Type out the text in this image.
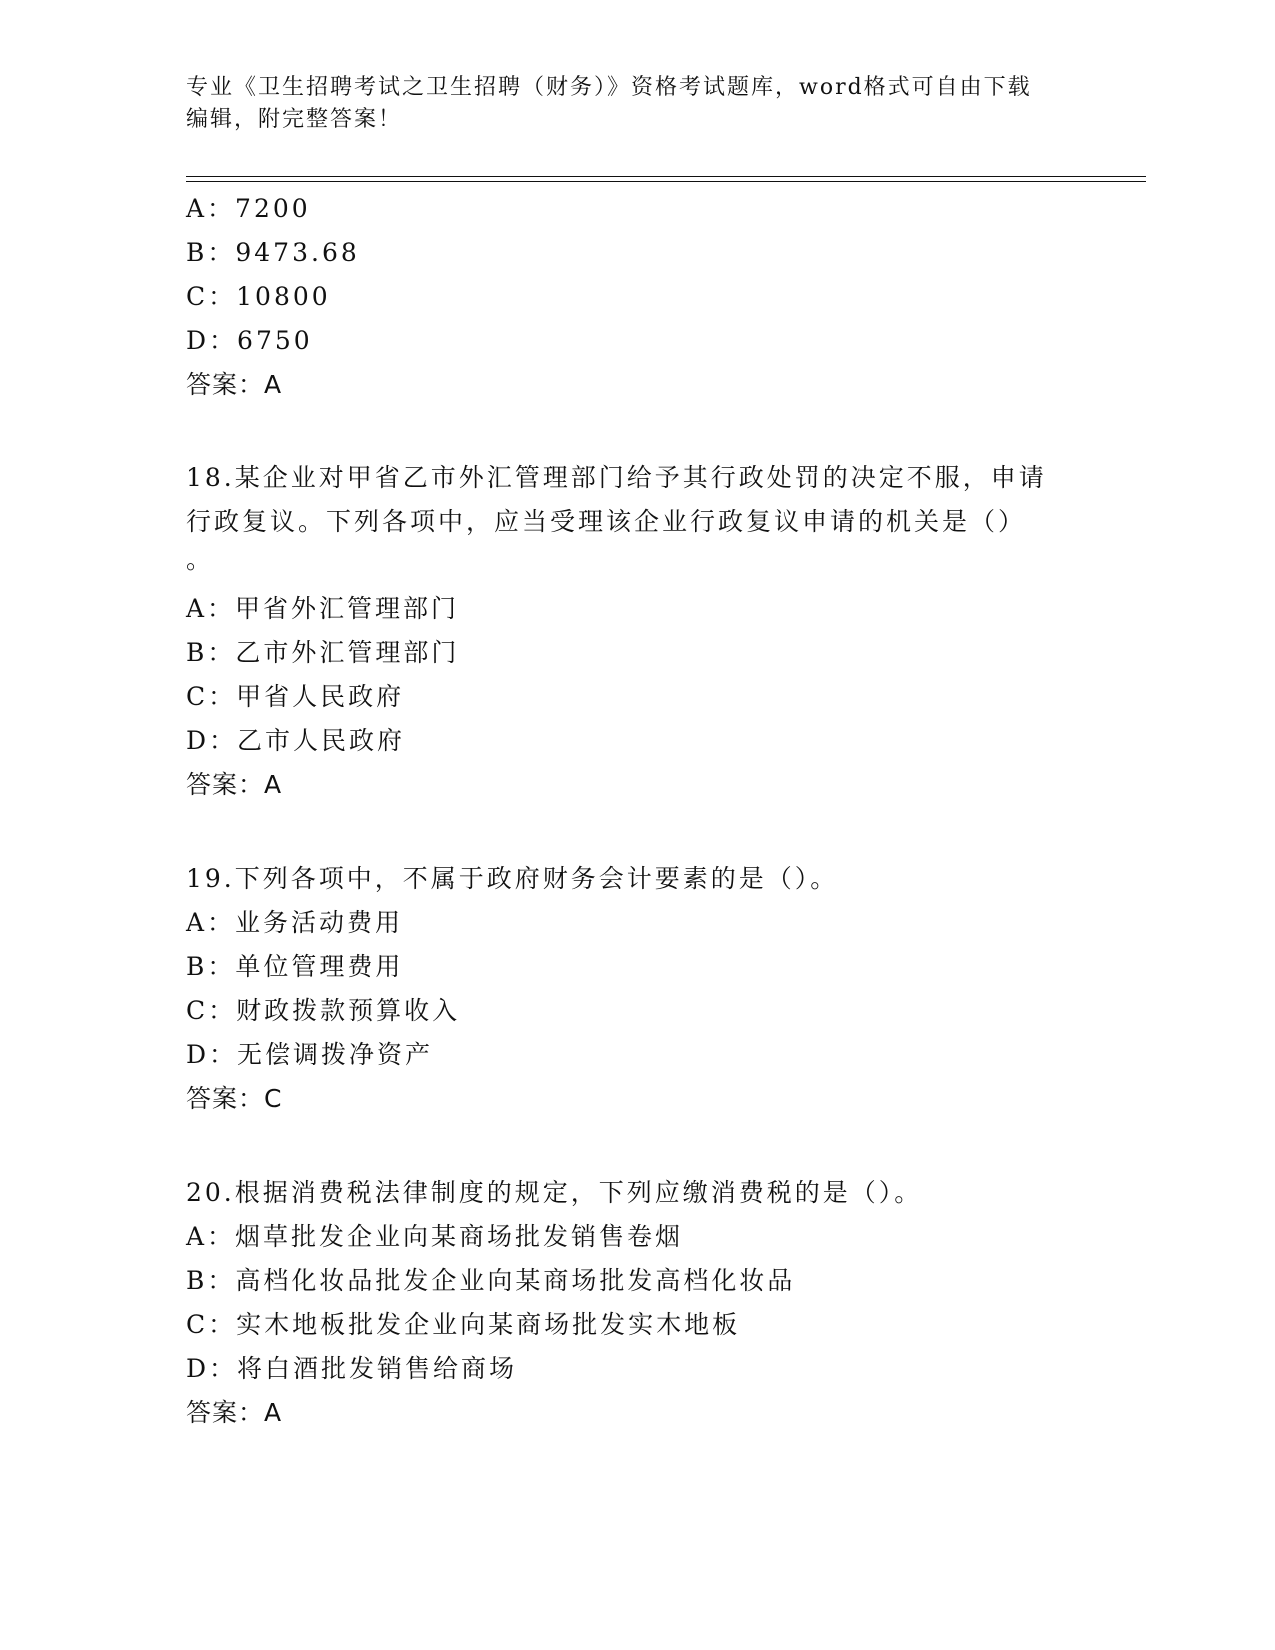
专业《卫生招聘考试之卫生招聘（财务）》资格考试题库，word格式可自由下载
编辑，附完整答案！
A：7200
B：9473.68
C：10800
D：6750
答案：A
18.某企业对甲省乙市外汇管理部门给予其行政处罚的决定不服，申请
行政复议。下列各项中，应当受理该企业行政复议申请的机关是（）
。
A：甲省外汇管理部门
B：乙市外汇管理部门
C：甲省人民政府
D：乙市人民政府
答案：A
19.下列各项中，不属于政府财务会计要素的是（）。
A：业务活动费用
B：单位管理费用
C：财政拨款预算收入
D：无偿调拨净资产
答案：C
20.根据消费税法律制度的规定，下列应缴消费税的是（）。
A：烟草批发企业向某商场批发销售卷烟
B：高档化妆品批发企业向某商场批发高档化妆品
C：实木地板批发企业向某商场批发实木地板
D：将白酒批发销售给商场
答案：A
